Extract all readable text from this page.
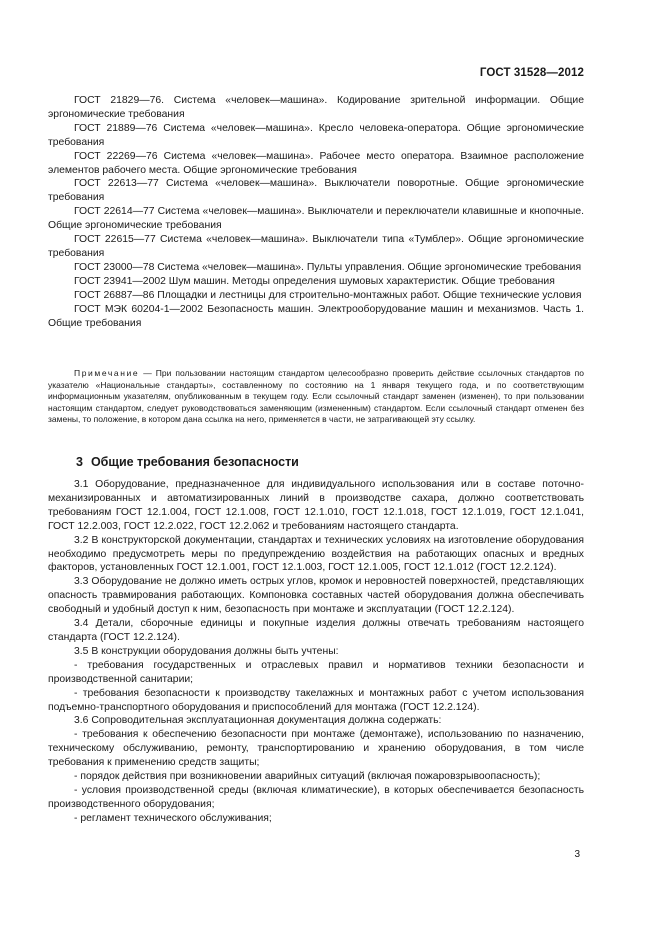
ГОСТ 31528—2012

ГОСТ 21829—76. Система «человек—машина». Кодирование зрительной информации. Общие эргономические требования

ГОСТ 21889—76 Система «человек—машина». Кресло человека-оператора. Общие эргономические требования

ГОСТ 22269—76 Система «человек—машина». Рабочее место оператора. Взаимное расположение элементов рабочего места. Общие эргономические требования

ГОСТ 22613—77 Система «человек—машина». Выключатели поворотные. Общие эргономические требования

ГОСТ 22614—77 Система «человек—машина». Выключатели и переключатели клавишные и кнопочные. Общие эргономические требования

ГОСТ 22615—77 Система «человек—машина». Выключатели типа «Тумблер». Общие эргономические требования

ГОСТ 23000—78 Система «человек—машина». Пульты управления. Общие эргономические требования

ГОСТ 23941—2002 Шум машин. Методы определения шумовых характеристик. Общие требования

ГОСТ 26887—86 Площадки и лестницы для строительно-монтажных работ. Общие технические условия

ГОСТ МЭК 60204-1—2002 Безопасность машин. Электрооборудование машин и механизмов. Часть 1. Общие требования

Примечание — При пользовании настоящим стандартом целесообразно проверить действие ссылочных стандартов по указателю «Национальные стандарты», составленному по состоянию на 1 января текущего года, и по соответствующим информационным указателям, опубликованным в текущем году. Если ссылочный стандарт заменен (изменен), то при пользовании настоящим стандартом, следует руководствоваться заменяющим (измененным) стандартом. Если ссылочный стандарт отменен без замены, то положение, в котором дана ссылка на него, применяется в части, не затрагивающей эту ссылку.

3 Общие требования безопасности

3.1 Оборудование, предназначенное для индивидуального использования или в составе поточно-механизированных и автоматизированных линий в производстве сахара, должно соответствовать требованиям ГОСТ 12.1.004, ГОСТ 12.1.008, ГОСТ 12.1.010, ГОСТ 12.1.018, ГОСТ 12.1.019, ГОСТ 12.1.041, ГОСТ 12.2.003, ГОСТ 12.2.022, ГОСТ 12.2.062 и требованиям настоящего стандарта.

3.2 В конструкторской документации, стандартах и технических условиях на изготовление оборудования необходимо предусмотреть меры по предупреждению воздействия на работающих опасных и вредных факторов, установленных ГОСТ 12.1.001, ГОСТ 12.1.003, ГОСТ 12.1.005, ГОСТ 12.1.012 (ГОСТ 12.2.124).

3.3 Оборудование не должно иметь острых углов, кромок и неровностей поверхностей, представляющих опасность травмирования работающих. Компоновка составных частей оборудования должна обеспечивать свободный и удобный доступ к ним, безопасность при монтаже и эксплуатации (ГОСТ 12.2.124).

3.4 Детали, сборочные единицы и покупные изделия должны отвечать требованиям настоящего стандарта (ГОСТ 12.2.124).

3.5 В конструкции оборудования должны быть учтены:

- требования государственных и отраслевых правил и нормативов техники безопасности и производственной санитарии;

- требования безопасности к производству такелажных и монтажных работ с учетом использования подъемно-транспортного оборудования и приспособлений для монтажа (ГОСТ 12.2.124).

3.6 Сопроводительная эксплуатационная документация должна содержать:

- требования к обеспечению безопасности при монтаже (демонтаже), использованию по назначению, техническому обслуживанию, ремонту, транспортированию и хранению оборудования, в том числе требования к применению средств защиты;

- порядок действия при возникновении аварийных ситуаций (включая пожаровзрывоопасность);

- условия производственной среды (включая климатические), в которых обеспечивается безопасность производственного оборудования;

- регламент технического обслуживания;

3
